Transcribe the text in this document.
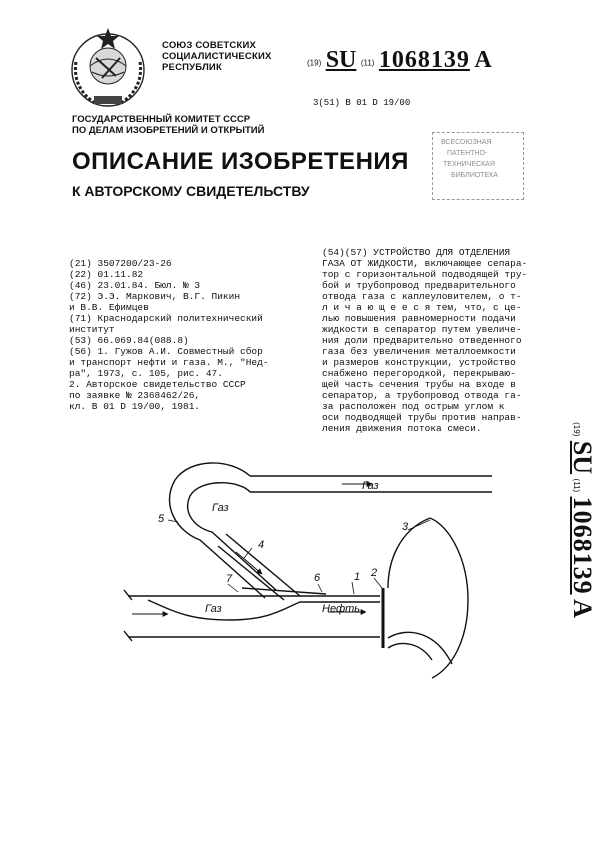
СОЮЗ СОВЕТСКИХ
СОЦИАЛИСТИЧЕСКИХ
РЕСПУБЛИК	(19) SU (11) 1068139 A
3(51) B 01 D 19/00
ГОСУДАРСТВЕННЫЙ КОМИТЕТ СССР
ПО ДЕЛАМ ИЗОБРЕТЕНИЙ И ОТКРЫТИЙ
ВСЕСОЮЗНАЯ
ПАТЕНТНО-
ТЕХНИЧЕСКАЯ
БИБЛИОТЕКА
ОПИСАНИЕ ИЗОБРЕТЕНИЯ
К АВТОРСКОМУ СВИДЕТЕЛЬСТВУ
(21) 3507200/23-26
(22) 01.11.82
(46) 23.01.84. Бюл. № 3
(72) Э.Э. Маркович, В.Г. Пикин
и В.В. Ефимцев
(71) Краснодарский политехнический
институт
(53) 66.069.84(088.8)
(56) 1. Гужов А.И. Совместный сбор
и транспорт нефти и газа. М., "Нед-
ра", 1973, с. 105, рис. 47.
2. Авторское свидетельство СССР
по заявке № 2368462/26,
кл. B 01 D 19/00, 1981.
(54)(57) УСТРОЙСТВО ДЛЯ ОТДЕЛЕНИЯ
ГАЗА ОТ ЖИДКОСТИ, включающее сепара-
тор с горизонтальной подводящей тру-
бой и трубопровод предварительного
отвода газа с каплеуловителем, о т-
л и ч а ю щ е е с я тем, что, с це-
лью повышения равномерности подачи
жидкости в сепаратор путем увеличе-
ния доли предварительно отведенного
газа без увеличения металлоемкости
и размеров конструкции, устройство
снабжено перегородкой, перекрываю-
щей часть сечения трубы на входе в
сепаратор, а трубопровод отвода га-
за расположен под острым углом к
оси подводящей трубы против направ-
ления движения потока смеси.	(19) SU (11) 1068139 A
Газ
Газ
Газ	Нефть
1 2
3
4
5
6
7
